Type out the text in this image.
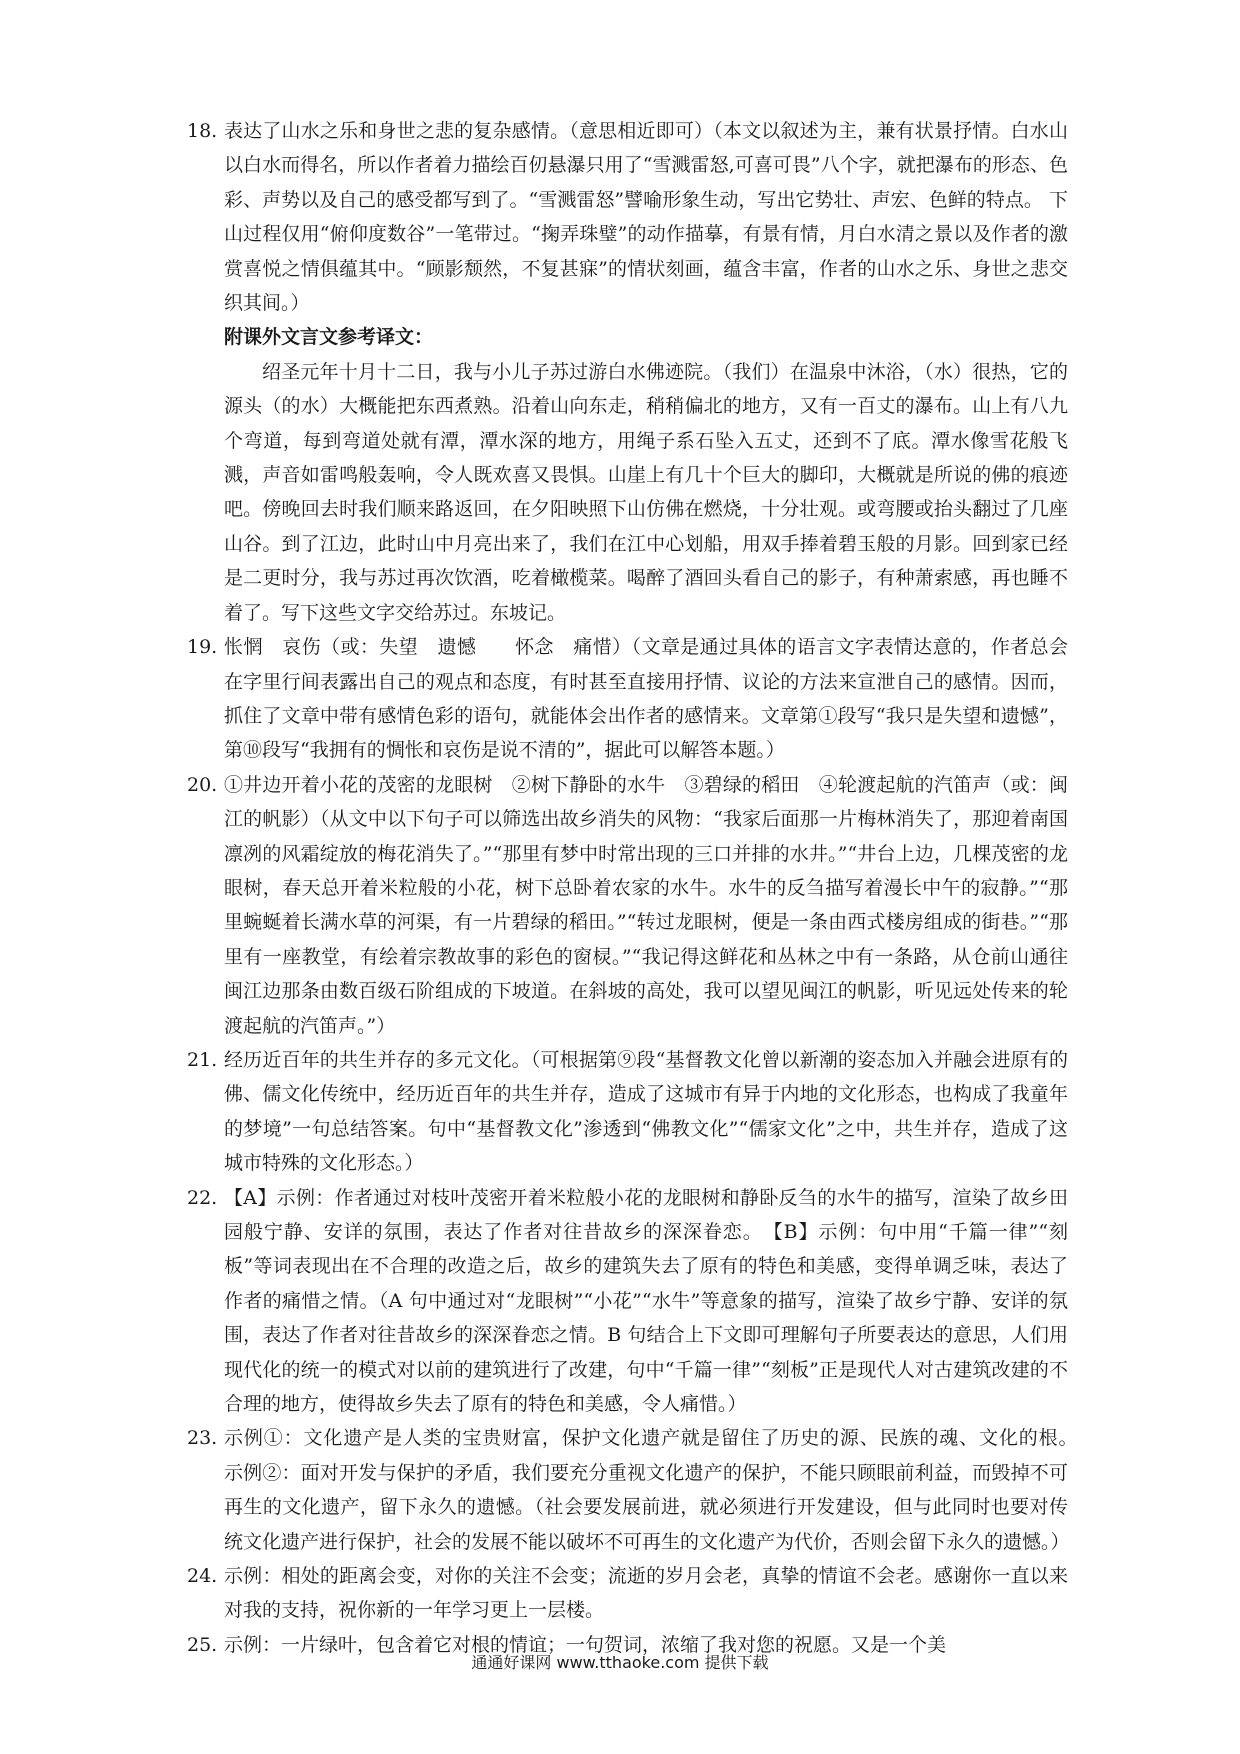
18. 表达了山水之乐和身世之悲的复杂感情。（意思相近即可）（本文以叙述为主，兼有状景抒情。白水山以白水而得名，所以作者着力描绘百仞悬瀑只用了“雪溅雷怒,可喜可畏”八个字，就把瀑布的形态、色彩、声势以及自己的感受都写到了。“雪溅雷怒”譬喻形象生动，写出它势壮、声宏、色鲜的特点。 下山过程仅用“俯仰度数谷”一笔带过。“掬弄珠璧”的动作描摹，有景有情，月白水清之景以及作者的激赏喜悦之情俱蕴其中。“顾影颓然，不复甚寐”的情状刻画，蕴含丰富，作者的山水之乐、身世之悲交织其间。）

附课外文言文参考译文：

绍圣元年十月十二日，我与小儿子苏过游白水佛迹院。（我们）在温泉中沐浴，（水）很热，它的源头（的水）大概能把东西煮熟。沿着山向东走，稍稍偏北的地方，又有一百丈的瀑布。山上有八九个弯道，每到弯道处就有潭，潭水深的地方，用绳子系石坠入五丈，还到不了底。潭水像雪花般飞溅，声音如雷鸣般轰响，令人既欢喜又畏惧。山崖上有几十个巨大的脚印，大概就是所说的佛的痕迹吧。傍晚回去时我们顺来路返回，在夕阳映照下山仿佛在燃烧，十分壮观。或弯腰或抬头翻过了几座山谷。到了江边，此时山中月亮出来了，我们在江中心划船，用双手捧着碧玉般的月影。回到家已经是二更时分，我与苏过再次饮酒，吃着橄榄菜。喝醉了酒回头看自己的影子，有种萧索感，再也睡不着了。写下这些文字交给苏过。东坡记。

19. 怅惘　哀伤（或：失望　遗憾　　怀念　痛惜）（文章是通过具体的语言文字表情达意的，作者总会在字里行间表露出自己的观点和态度，有时甚至直接用抒情、议论的方法来宣泄自己的感情。因而，抓住了文章中带有感情色彩的语句，就能体会出作者的感情来。文章第①段写“我只是失望和遗憾”，第⑩段写“我拥有的惆怅和哀伤是说不清的”，据此可以解答本题。）

20. ①井边开着小花的茂密的龙眼树　②树下静卧的水牛　③碧绿的稻田　④轮渡起航的汽笛声（或：闽江的帆影）（从文中以下句子可以筛选出故乡消失的风物：“我家后面那一片梅林消失了，那迎着南国凛冽的风霜绽放的梅花消失了。”“那里有梦中时常出现的三口并排的水井。”“井台上边，几棵茂密的龙眼树，春天总开着米粒般的小花，树下总卧着农家的水牛。水牛的反刍描写着漫长中午的寂静。”“那里蜿蜒着长满水草的河渠，有一片碧绿的稻田。”“转过龙眼树，便是一条由西式楼房组成的街巷。”“那里有一座教堂，有绘着宗教故事的彩色的窗棂。”“我记得这鲜花和丛林之中有一条路，从仓前山通往闽江边那条由数百级石阶组成的下坡道。在斜坡的高处，我可以望见闽江的帆影，听见远处传来的轮渡起航的汽笛声。”）

21. 经历近百年的共生并存的多元文化。（可根据第⑨段“基督教文化曾以新潮的姿态加入并融会进原有的佛、儒文化传统中，经历近百年的共生并存，造成了这城市有异于内地的文化形态，也构成了我童年的梦境”一句总结答案。句中“基督教文化”渗透到“佛教文化”“儒家文化”之中，共生并存，造成了这城市特殊的文化形态。）

22. 【A】示例：作者通过对枝叶茂密开着米粒般小花的龙眼树和静卧反刍的水牛的描写，渲染了故乡田园般宁静、安详的氛围，表达了作者对往昔故乡的深深眷恋。　【B】示例：句中用“千篇一律”“刻板”等词表现出在不合理的改造之后，故乡的建筑失去了原有的特色和美感，变得单调乏味，表达了作者的痛惜之情。（A 句中通过对“龙眼树”“小花”“水牛”等意象的描写，渲染了故乡宁静、安详的氛围，表达了作者对往昔故乡的深深眷恋之情。B 句结合上下文即可理解句子所要表达的意思，人们用现代化的统一的模式对以前的建筑进行了改建，句中“千篇一律”“刻板”正是现代人对古建筑改建的不合理的地方，使得故乡失去了原有的特色和美感，令人痛惜。）

23. 示例①：文化遗产是人类的宝贵财富，保护文化遗产就是留住了历史的源、民族的魂、文化的根。　示例②：面对开发与保护的矛盾，我们要充分重视文化遗产的保护，不能只顾眼前利益，而毁掉不可再生的文化遗产，留下永久的遗憾。（社会要发展前进，就必须进行开发建设，但与此同时也要对传统文化遗产进行保护，社会的发展不能以破坏不可再生的文化遗产为代价，否则会留下永久的遗憾。）

24. 示例：相处的距离会变，对你的关注不会变；流逝的岁月会老，真挚的情谊不会老。感谢你一直以来对我的支持，祝你新的一年学习更上一层楼。

25. 示例：一片绿叶，包含着它对根的情谊；一句贺词，浓缩了我对您的祝愿。又是一个美

通通好课网 www.tthaoke.com 提供下载
